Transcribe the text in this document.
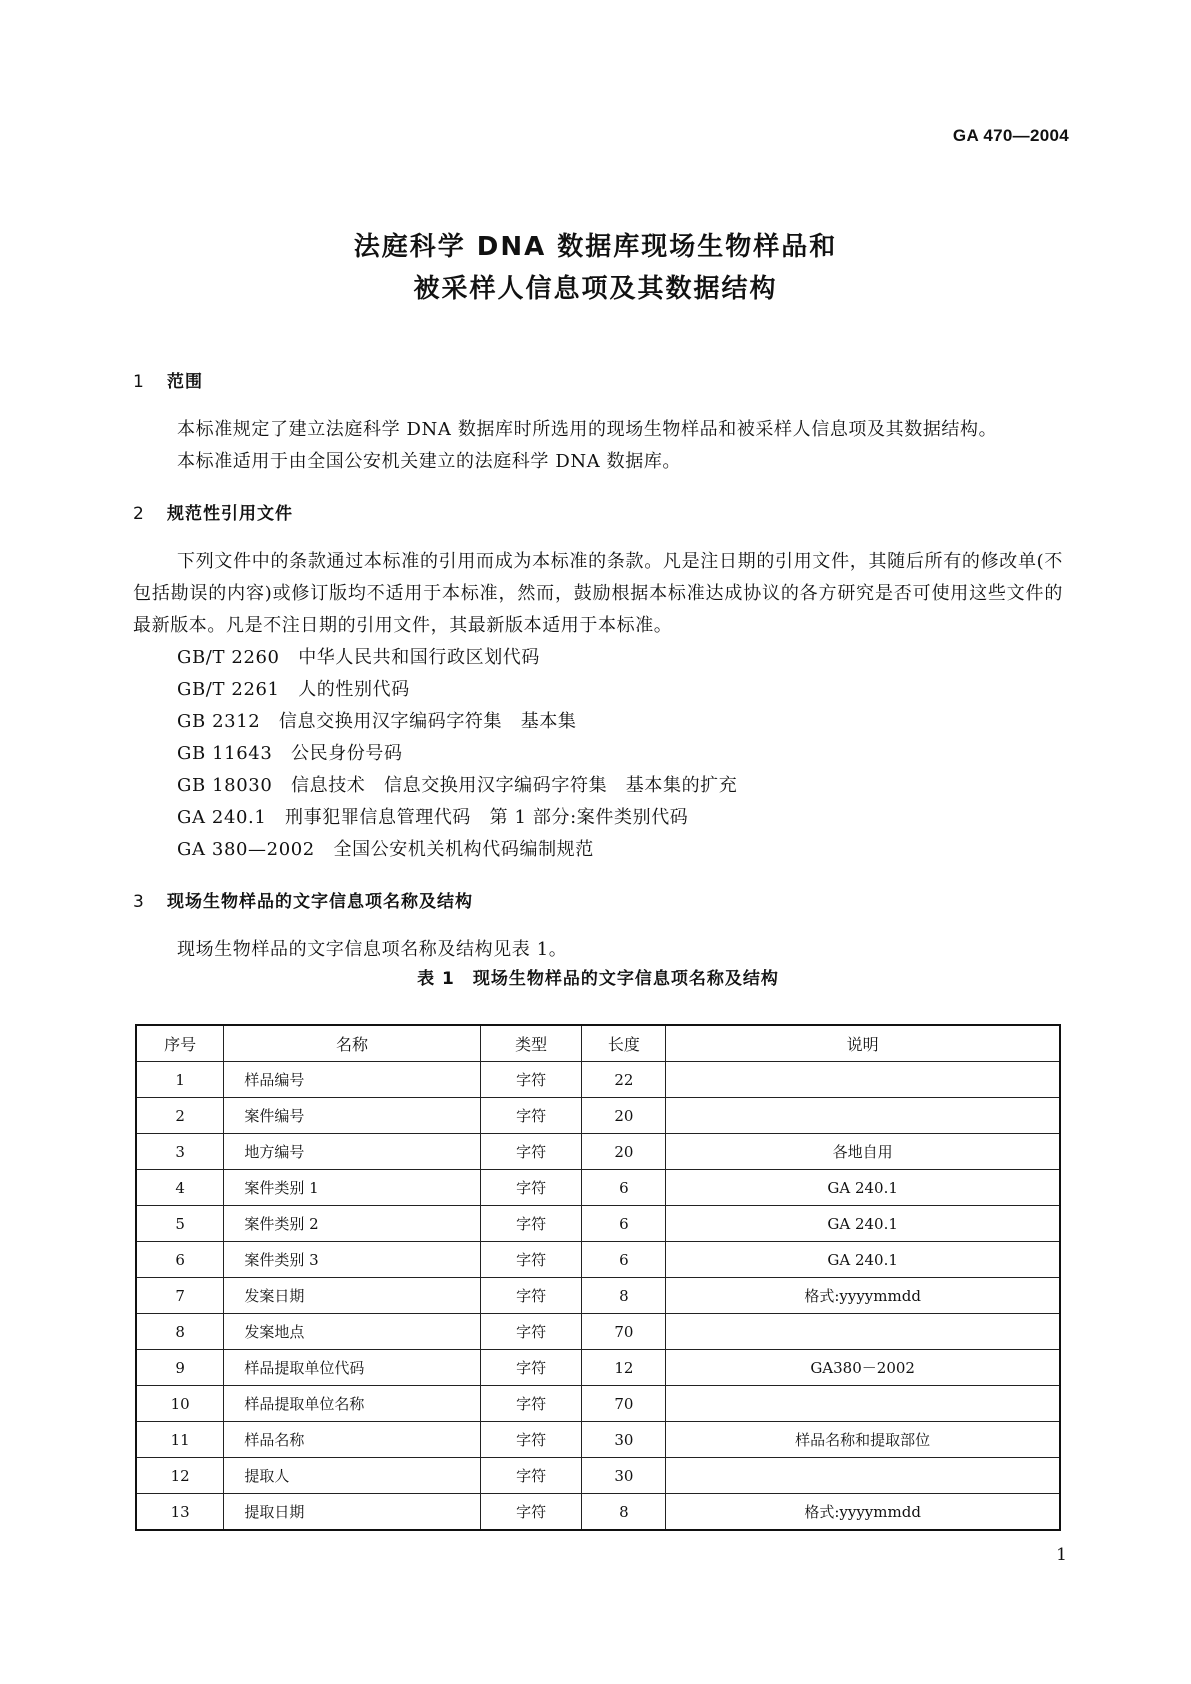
GA 470—2004
法庭科学 DNA 数据库现场生物样品和
被采样人信息项及其数据结构
1 范围
本标准规定了建立法庭科学 DNA 数据库时所选用的现场生物样品和被采样人信息项及其数据结构。
本标准适用于由全国公安机关建立的法庭科学 DNA 数据库。
2 规范性引用文件
下列文件中的条款通过本标准的引用而成为本标准的条款。凡是注日期的引用文件，其随后所有的修改单(不包括勘误的内容)或修订版均不适用于本标准，然而，鼓励根据本标准达成协议的各方研究是否可使用这些文件的最新版本。凡是不注日期的引用文件，其最新版本适用于本标准。
GB/T 2260　中华人民共和国行政区划代码
GB/T 2261　人的性别代码
GB 2312　信息交换用汉字编码字符集　基本集
GB 11643　公民身份号码
GB 18030　信息技术　信息交换用汉字编码字符集　基本集的扩充
GA 240.1　刑事犯罪信息管理代码　第 1 部分:案件类别代码
GA 380—2002　全国公安机关机构代码编制规范
3 现场生物样品的文字信息项名称及结构
现场生物样品的文字信息项名称及结构见表 1。
表 1　现场生物样品的文字信息项名称及结构
序号	名称	类型	长度	说明
1	样品编号	字符	22	
2	案件编号	字符	20	
3	地方编号	字符	20	各地自用
4	案件类别 1	字符	6	GA 240.1
5	案件类别 2	字符	6	GA 240.1
6	案件类别 3	字符	6	GA 240.1
7	发案日期	字符	8	格式:yyyymmdd
8	发案地点	字符	70	
9	样品提取单位代码	字符	12	GA380－2002
10	样品提取单位名称	字符	70	
11	样品名称	字符	30	样品名称和提取部位
12	提取人	字符	30	
13	提取日期	字符	8	格式:yyyymmdd
1
